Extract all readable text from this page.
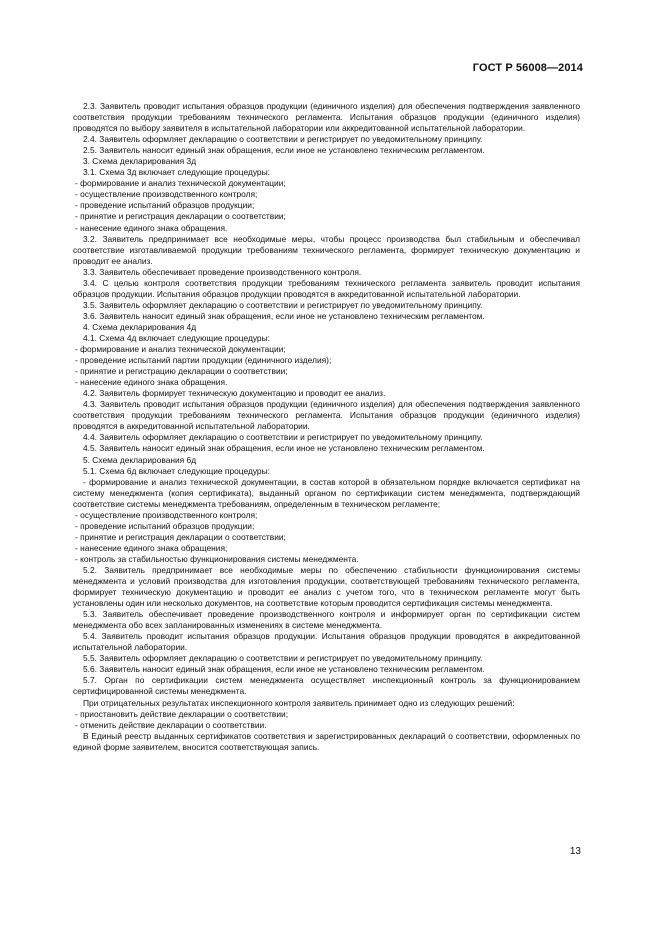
ГОСТ Р 56008—2014

2.3. Заявитель проводит испытания образцов продукции (единичного изделия) для обеспечения подтверждения заявленного соответствия продукции требованиям технического регламента. Испытания образцов продукции (единичного изделия) проводятся по выбору заявителя в испытательной лаборатории или аккредитованной испытательной лаборатории.

2.4. Заявитель оформляет декларацию о соответствии и регистрирует по уведомительному принципу.

2.5. Заявитель наносит единый знак обращения, если иное не установлено техническим регламентом.

3. Схема декларирования 3д

3.1. Схема 3д включает следующие процедуры:

- формирование и анализ технической документации;

- осуществление производственного контроля;

- проведение испытаний образцов продукции;

- принятие и регистрация декларации о соответствии;

- нанесение единого знака обращения.

3.2. Заявитель предпринимает все необходимые меры, чтобы процесс производства был стабильным и обеспечивал соответствие изготавливаемой продукции требованиям технического регламента, формирует техническую документацию и проводит ее анализ.

3.3. Заявитель обеспечивает проведение производственного контроля.

3.4. С целью контроля соответствия продукции требованиям технического регламента заявитель проводит испытания образцов продукции. Испытания образцов продукции проводятся в аккредитованной испытательной лаборатории.

3.5. Заявитель оформляет декларацию о соответствии и регистрирует по уведомительному принципу.

3.6. Заявитель наносит единый знак обращения, если иное не установлено техническим регламентом.

4. Схема декларирования 4д

4.1. Схема 4д включает следующие процедуры:

- формирование и анализ технической документации;

- проведение испытаний партии продукции (единичного изделия);

- принятие и регистрацию декларации о соответствии;

- нанесение единого знака обращения.

4.2. Заявитель формирует техническую документацию и проводит ее анализ.

4.3. Заявитель проводит испытания образцов продукции (единичного изделия) для обеспечения подтверждения заявленного соответствия продукции требованиям технического регламента. Испытания образцов продукции (единичного изделия) проводятся в аккредитованной испытательной лаборатории.

4.4. Заявитель оформляет декларацию о соответствии и регистрирует по уведомительному принципу.

4.5. Заявитель наносит единый знак обращения, если иное не установлено техническим регламентом.

5. Схема декларирования 6д

5.1. Схема 6д включает следующие процедуры:

- формирование и анализ технической документации, в состав которой в обязательном порядке включается сертификат на систему менеджмента (копия сертификата), выданный органом по сертификации систем менеджмента, подтверждающий соответствие системы менеджмента требованиям, определенным в техническом регламенте;

- осуществление производственного контроля;

- проведение испытаний образцов продукции;

- принятие и регистрация декларации о соответствии;

- нанесение единого знака обращения;

- контроль за стабильностью функционирования системы менеджмента.

5.2. Заявитель предпринимает все необходимые меры по обеспечению стабильности функционирования системы менеджмента и условий производства для изготовления продукции, соответствующей требованиям технического регламента, формирует техническую документацию и проводит ее анализ с учетом того, что в техническом регламенте могут быть установлены один или несколько документов, на соответствие которым проводится сертификация системы менеджмента.

5.3. Заявитель обеспечивает проведение производственного контроля и информирует орган по сертификации систем менеджмента обо всех запланированных изменениях в системе менеджмента.

5.4. Заявитель проводит испытания образцов продукции. Испытания образцов продукции проводятся в аккредитованной испытательной лаборатории.

5.5. Заявитель оформляет декларацию о соответствии и регистрирует по уведомительному принципу.

5.6. Заявитель наносит единый знак обращения, если иное не установлено техническим регламентом.

5.7. Орган по сертификации систем менеджмента осуществляет инспекционный контроль за функционированием сертифицированной системы менеджмента.

При отрицательных результатах инспекционного контроля заявитель принимает одно из следующих решений:

- приостановить действие декларации о соответствии;

- отменить действие декларации о соответствии.

В Единый реестр выданных сертификатов соответствия и зарегистрированных деклараций о соответствии, оформленных по единой форме заявителем, вносится соответствующая запись.

13
